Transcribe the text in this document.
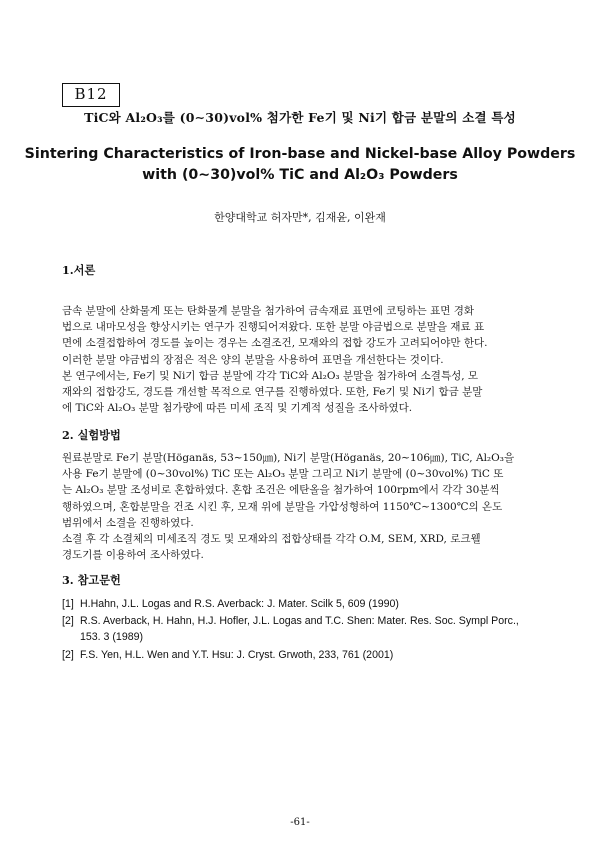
B12
TiC와 Al₂O₃를 (0∼30)vol% 첨가한 Fe기 및 Ni기 합금 분말의 소결 특성
Sintering Characteristics of Iron-base and Nickel-base Alloy Powders
with (0∼30)vol% TiC and Al₂O₃ Powders
한양대학교 허자만*, 김재윤, 이완재
1.서론
금속 분말에 산화물계 또는 탄화물계 분말을 첨가하여 금속재료 표면에 코팅하는 표면 경화
법으로 내마모성을 향상시키는 연구가 진행되어져왔다. 또한 분말 야금법으로 분말을 재료 표
면에 소결접합하여 경도를 높이는 경우는 소결조건, 모재와의 접합 강도가 고려되어야만 한다.
이러한 분말 야금법의 장점은 적은 양의 분말을 사용하여 표면을 개선한다는 것이다.
본 연구에서는, Fe기 및 Ni기 합금 분말에 각각 TiC와 Al₂O₃ 분말을 첨가하여 소결특성, 모
재와의 접합강도, 경도를 개선할 목적으로 연구를 진행하였다. 또한, Fe기 및 Ni기 합금 분말
에 TiC와 Al₂O₃ 분말 첨가량에 따른 미세 조직 및 기계적 성질을 조사하였다.
2. 실험방법
원료분말로 Fe기 분말(Höganäs, 53∼150㎛), Ni기 분말(Höganäs, 20∼106㎛), TiC, Al₂O₃을
사용 Fe기 분말에 (0∼30vol%) TiC 또는 Al₂O₃ 분말 그리고 Ni기 분말에 (0∼30vol%) TiC 또
는 Al₂O₃ 분말 조성비로 혼합하였다. 혼합 조건은 에탄올을 첨가하여 100rpm에서 각각 30분씩
행하였으며, 혼합분말을 건조 시킨 후, 모재 위에 분말을 가압성형하여 1150℃∼1300℃의 온도
범위에서 소결을 진행하였다.
소결 후 각 소결체의 미세조직 경도 및 모재와의 접합상태를 각각 O.M, SEM, XRD, 로크웰
경도기를 이용하여 조사하였다.
3. 참고문헌
[1] H.Hahn, J.L. Logas and R.S. Averback: J. Mater. Scilk 5, 609 (1990)
[2] R.S. Averback, H. Hahn, H.J. Hofler, J.L. Logas and T.C. Shen: Mater. Res. Soc. Sympl Porc., 153. 3 (1989)
[2] F.S. Yen, H.L. Wen and Y.T. Hsu: J. Cryst. Grwoth, 233, 761 (2001)
-61-
